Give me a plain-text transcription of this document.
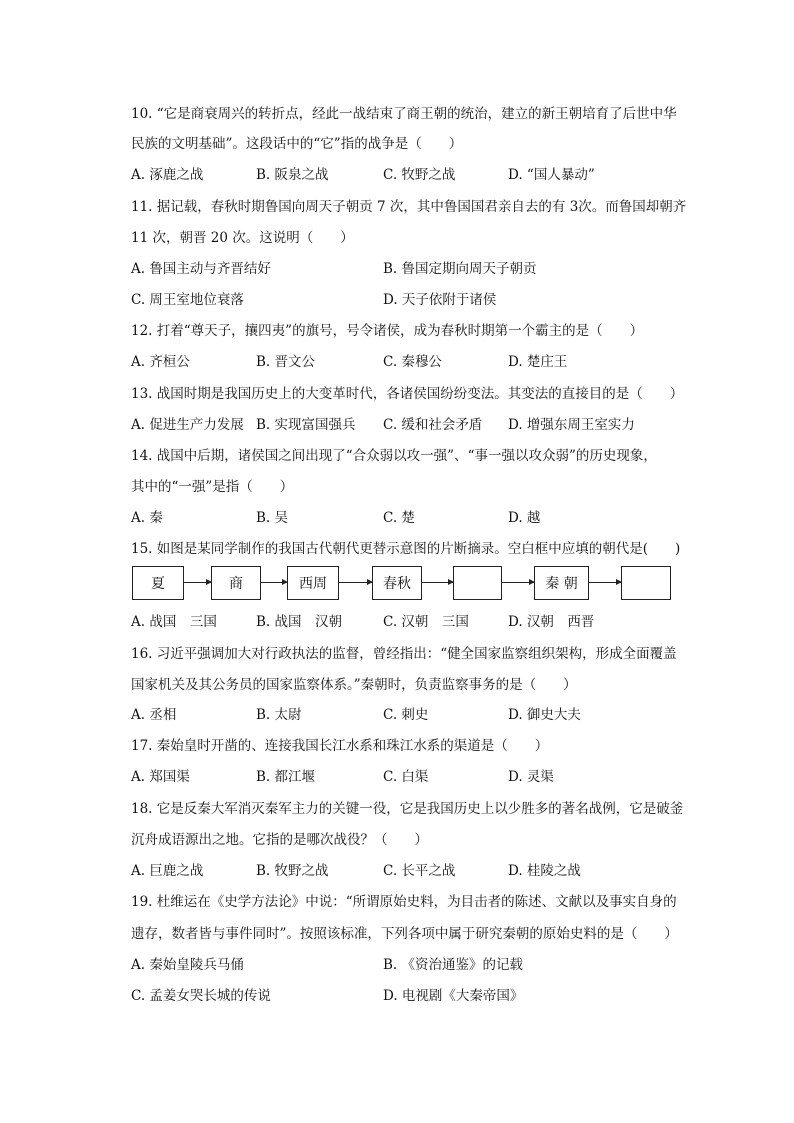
10. “它是商衰周兴的转折点，经此一战结束了商王朝的统治，建立的新王朝培育了后世中华
民族的文明基础”。这段话中的“它”指的战争是（　　）
A. 涿鹿之战	B. 阪泉之战	C. 牧野之战	D. “国人暴动”
11. 据记载，春秋时期鲁国向周天子朝贡 7 次，其中鲁国国君亲自去的有 3次。而鲁国却朝齐
11 次，朝晋 20 次。这说明（　　）
A. 鲁国主动与齐晋结好	B. 鲁国定期向周天子朝贡
C. 周王室地位衰落	D. 天子依附于诸侯
12. 打着“尊天子，攘四夷”的旗号，号令诸侯，成为春秋时期第一个霸主的是（　　）
A. 齐桓公	B. 晋文公	C. 秦穆公	D. 楚庄王
13. 战国时期是我国历史上的大变革时代，各诸侯国纷纷变法。其变法的直接目的是（　　）
A. 促进生产力发展 B. 实现富国强兵 C. 缓和社会矛盾 D. 增强东周王室实力
14. 战国中后期，诸侯国之间出现了“合众弱以攻一强”、“事一强以攻众弱”的历史现象，
其中的“一强”是指（　　）
A. 秦	B. 吴	C. 楚	D. 越
15. 如图是某同学制作的我国古代朝代更替示意图的片断摘录。空白框中应填的朝代是(　　)
夏	商	西周	春秋	秦 朝
A. 战国　三国	B. 战国　汉朝	C. 汉朝　三国	D. 汉朝　西晋
16. 习近平强调加大对行政执法的监督，曾经指出：“健全国家监察组织架构，形成全面覆盖
国家机关及其公务员的国家监察体系。”秦朝时，负责监察事务的是（　　）
A. 丞相	B. 太尉	C. 刺史	D. 御史大夫
17. 秦始皇时开凿的、连接我国长江水系和珠江水系的渠道是（　　）
A. 郑国渠	B. 都江堰	C. 白渠	D. 灵渠
18. 它是反秦大军消灭秦军主力的关键一役，它是我国历史上以少胜多的著名战例，它是破釜
沉舟成语源出之地。它指的是哪次战役？（　　）
A. 巨鹿之战	B. 牧野之战	C. 长平之战	D. 桂陵之战
19. 杜维运在《史学方法论》中说：“所谓原始史料，为目击者的陈述、文献以及事实自身的
遗存，数者皆与事件同时”。按照该标准，下列各项中属于研究秦朝的原始史料的是（　　）
A. 秦始皇陵兵马俑	B. 《资治通鉴》的记载
C. 孟姜女哭长城的传说	D. 电视剧《大秦帝国》
